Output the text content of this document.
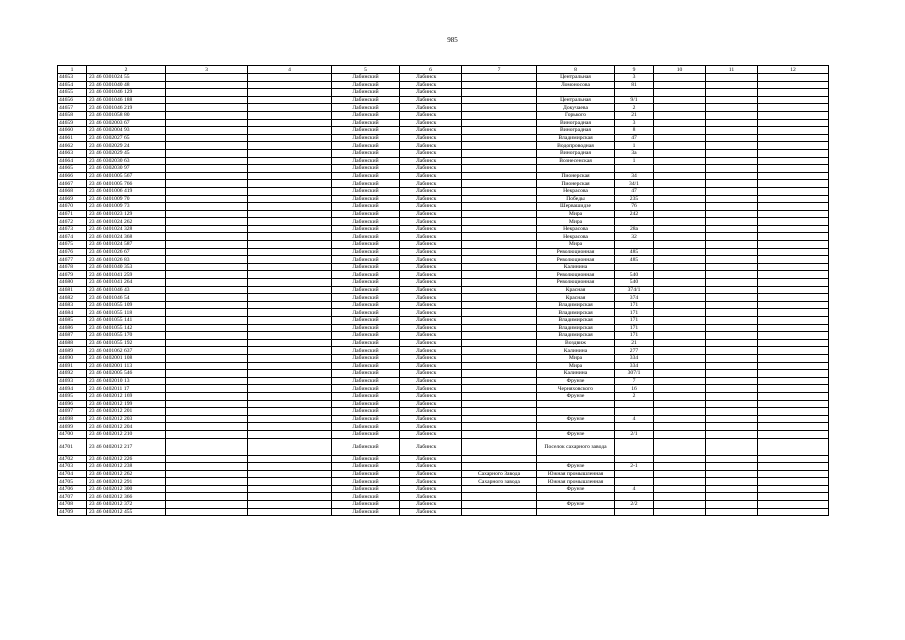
985
1	2	3	4	5	6	7	8	9	10	11	12
44653	23 46 0301024 55			Лабинский	Лабинск		Центральная	3			
44654	23 46 0301040 48			Лабинский	Лабинск		Ломоносова	81			
44655	23 46 0301046 129			Лабинский	Лабинск						
44656	23 46 0301046 188			Лабинский	Лабинск		Центральная	9/1			
44657	23 46 0301046 219			Лабинский	Лабинск		Докучаева	2			
44658	23 46 0301058 80			Лабинский	Лабинск		Горького	21			
44659	23 46 0302003 67			Лабинский	Лабинск		Виноградная	3			
44660	23 46 0302004 93			Лабинский	Лабинск		Виноградная	8			
44661	23 46 0302027 65			Лабинский	Лабинск		Владимирская	47			
44662	23 46 0302029 24			Лабинский	Лабинск		Водопроводная	1			
44663	23 46 0302029 45			Лабинский	Лабинск		Виноградная	3а			
44664	23 46 0302030 63			Лабинский	Лабинск		Вознесенская	1			
44665	23 46 0302030 97			Лабинский	Лабинск						
44666	23 46 0401005 567			Лабинский	Лабинск		Пионерская	34			
44667	23 46 0401005 766			Лабинский	Лабинск		Пионерская	34/1			
44668	23 46 0401006 419			Лабинский	Лабинск		Некрасова	47			
44669	23 46 0401009 70			Лабинский	Лабинск		Победы	235			
44670	23 46 0401009 73			Лабинский	Лабинск		Шервашидзе	76			
44671	23 46 0401023 129			Лабинский	Лабинск		Мира	242			
44672	23 46 0401024 262			Лабинский	Лабинск		Мира				
44673	23 46 0401024 328			Лабинский	Лабинск		Некрасова	28а			
44674	23 46 0401024 368			Лабинский	Лабинск		Некрасова	32			
44675	23 46 0401024 587			Лабинский	Лабинск		Мира				
44676	23 46 0401026 67			Лабинский	Лабинск		Революционная	485			
44677	23 46 0401026 83			Лабинский	Лабинск		Революционная	485			
44678	23 46 0401040 353			Лабинский	Лабинск		Калинина				
44679	23 46 0401041 259			Лабинский	Лабинск		Революционная	540			
44680	23 46 0401041 264			Лабинский	Лабинск		Революционная	540			
44681	23 46 0401046 43			Лабинский	Лабинск		Красная	374/1			
44682	23 46 0401046 54			Лабинский	Лабинск		Красная	374			
44683	23 46 0401055 109			Лабинский	Лабинск		Владимирская	171			
44684	23 46 0401055 118			Лабинский	Лабинск		Владимирская	171			
44685	23 46 0401055 141			Лабинский	Лабинск		Владимирская	171			
44686	23 46 0401055 142			Лабинский	Лабинск		Владимирская	171			
44687	23 46 0401055 170			Лабинский	Лабинск		Владимирская	171			
44688	23 46 0401055 192			Лабинский	Лабинск		Воздвиж	21			
44689	23 46 0401062 637			Лабинский	Лабинск		Калинина	277			
44690	23 46 0402001 108			Лабинский	Лабинск		Мира	334			
44691	23 46 0402001 113			Лабинский	Лабинск		Мира	334			
44692	23 46 0402005 546			Лабинский	Лабинск		Калинина	307/1			
44693	23 46 0402010 13			Лабинский	Лабинск		Фрунзе	7			
44694	23 46 0402011 17			Лабинский	Лабинск		Черняховского	16			
44695	23 46 0402012 169			Лабинский	Лабинск		Фрунзе	2			
44696	23 46 0402012 199			Лабинский	Лабинск						
44697	23 46 0402012 201			Лабинский	Лабинск						
44698	23 46 0402012 203			Лабинский	Лабинск		Фрунзе	4			
44699	23 46 0402012 204			Лабинский	Лабинск						
44700	23 46 0402012 210			Лабинский	Лабинск		Фрунзе	2/1			
44701	23 46 0402012 217			Лабинский	Лабинск		Поселок сахарного завода				
44702	23 46 0402012 226			Лабинский	Лабинск						
44703	23 46 0402012 238			Лабинский	Лабинск		Фрунзе	2-1			
44704	23 46 0402012 262			Лабинский	Лабинск	Сахарного Завода	Южная промышленная				
44705	23 46 0402012 291			Лабинский	Лабинск	Сахарного завода	Южная промышленная				
44706	23 46 0402012 300			Лабинский	Лабинск		Фрунзе	4			
44707	23 46 0402012 366			Лабинский	Лабинск						
44708	23 46 0402012 372			Лабинский	Лабинск		Фрунзе	2/2			
44709	23 46 0402012 455			Лабинский	Лабинск						
